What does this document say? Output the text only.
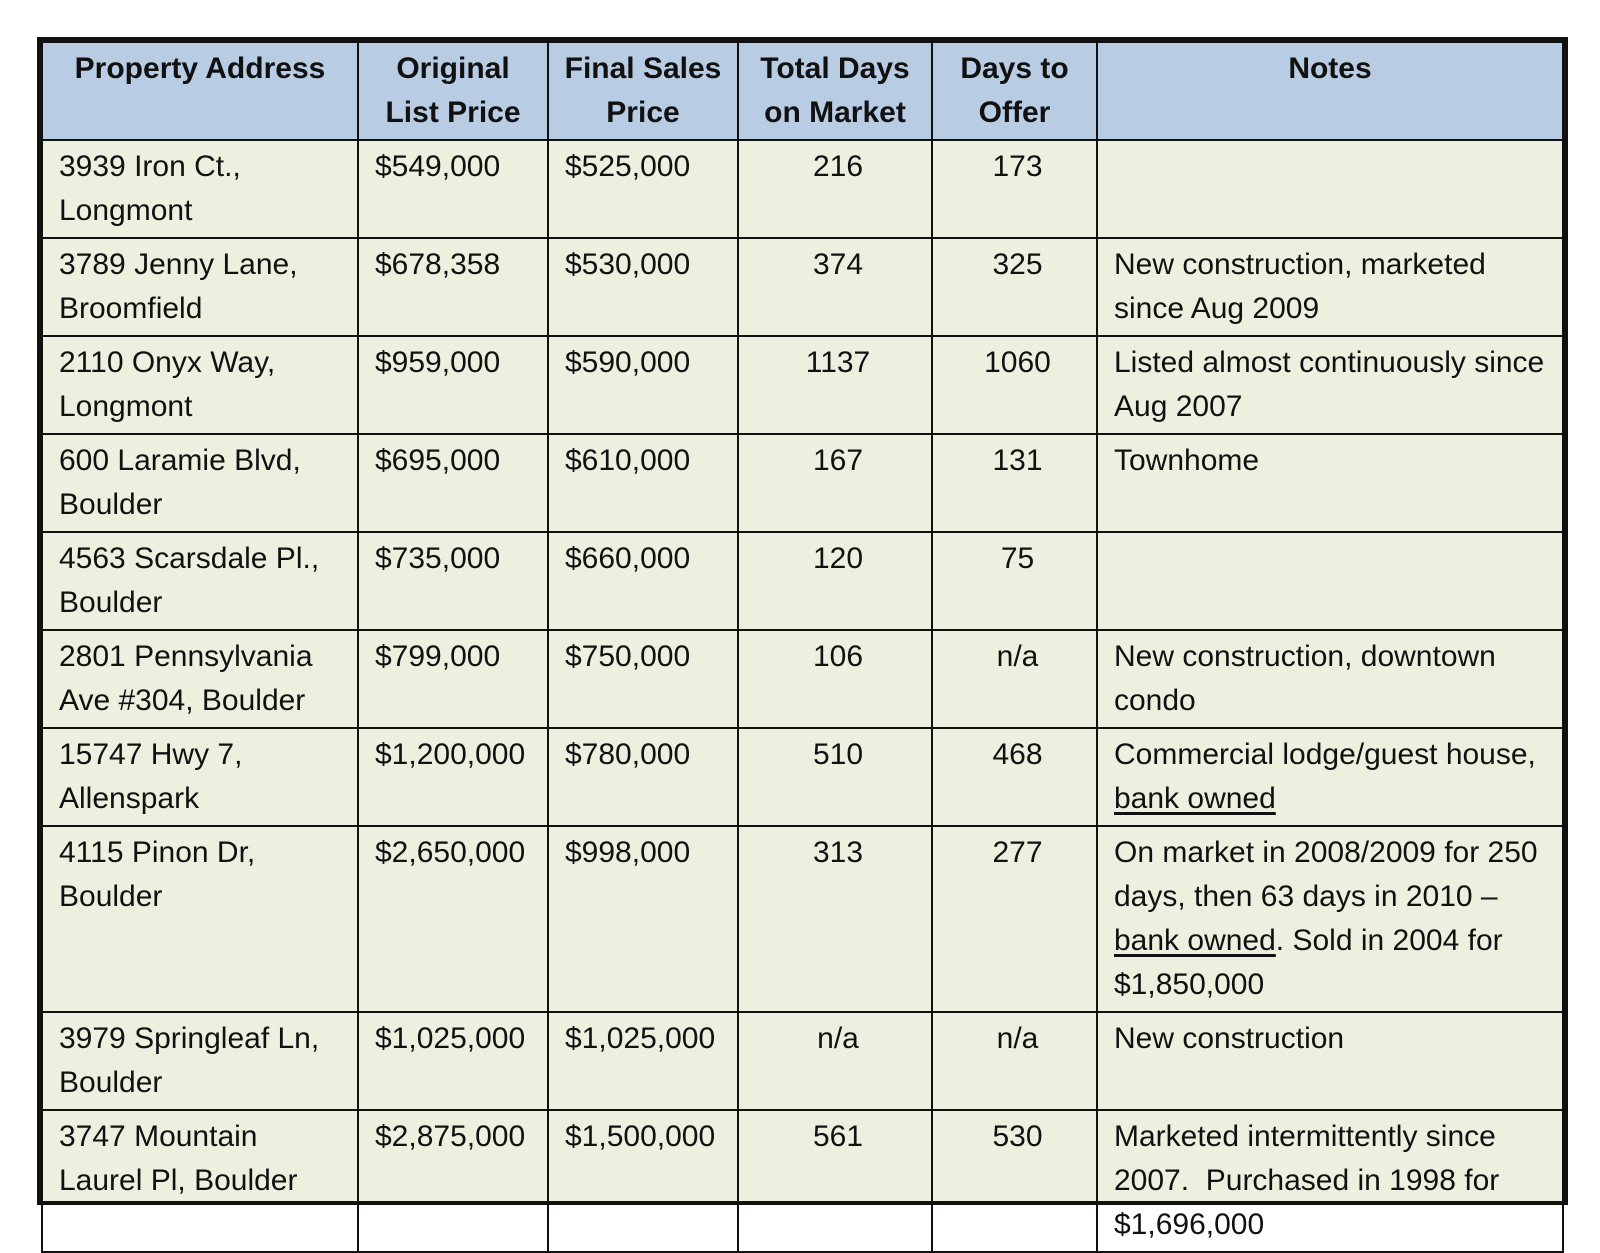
Property Address	Original List Price	Final Sales Price	Total Days on Market	Days to Offer	Notes
3939 Iron Ct., Longmont	$549,000	$525,000	216	173	
3789 Jenny Lane, Broomfield	$678,358	$530,000	374	325	New construction, marketed since Aug 2009
2110 Onyx Way, Longmont	$959,000	$590,000	1137	1060	Listed almost continuously since Aug 2007
600 Laramie Blvd, Boulder	$695,000	$610,000	167	131	Townhome
4563 Scarsdale Pl., Boulder	$735,000	$660,000	120	75	
2801 Pennsylvania Ave #304, Boulder	$799,000	$750,000	106	n/a	New construction, downtown condo
15747 Hwy 7, Allenspark	$1,200,000	$780,000	510	468	Commercial lodge/guest house, bank owned
4115 Pinon Dr, Boulder	$2,650,000	$998,000	313	277	On market in 2008/2009 for 250 days, then 63 days in 2010 – bank owned. Sold in 2004 for $1,850,000
3979 Springleaf Ln, Boulder	$1,025,000	$1,025,000	n/a	n/a	New construction
3747 Mountain Laurel Pl, Boulder	$2,875,000	$1,500,000	561	530	Marketed intermittently since 2007.  Purchased in 1998 for $1,696,000
